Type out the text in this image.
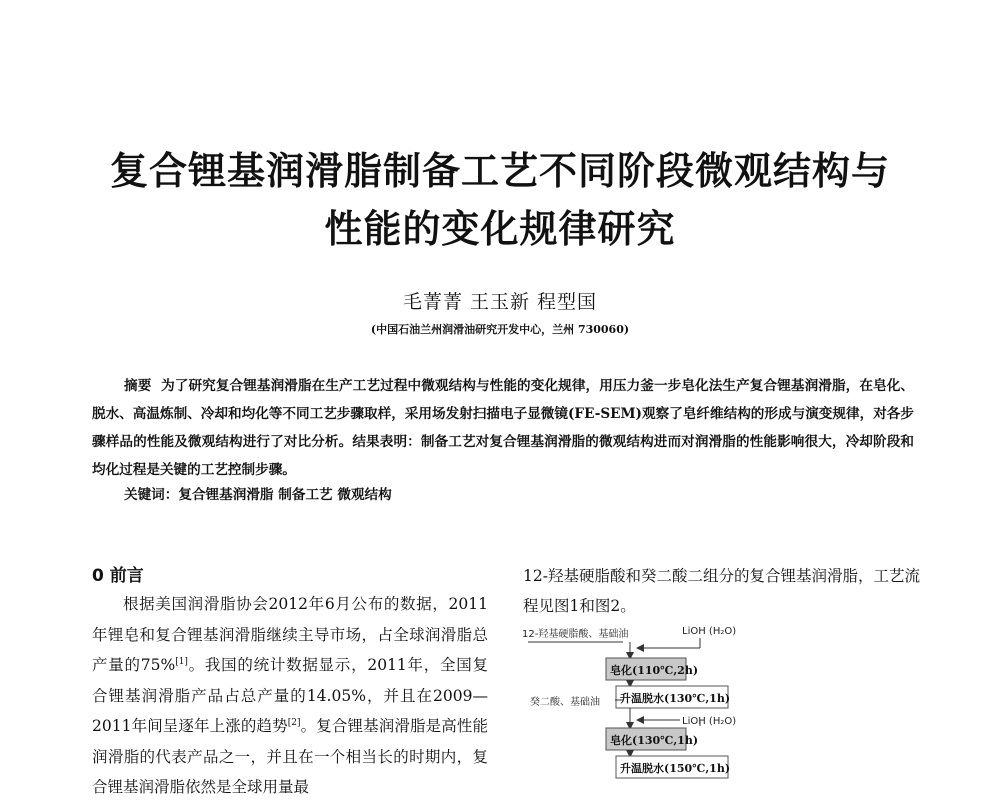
复合锂基润滑脂制备工艺不同阶段微观结构与
性能的变化规律研究
毛菁菁 王玉新 程型国
(中国石油兰州润滑油研究开发中心，兰州 730060)

摘要 为了研究复合锂基润滑脂在生产工艺过程中微观结构与性能的变化规律，用压力釜一步皂化法生产复合锂基润滑脂，在皂化、脱水、高温炼制、冷却和均化等不同工艺步骤取样，采用场发射扫描电子显微镜(FE-SEM)观察了皂纤维结构的形成与演变规律，对各步骤样品的性能及微观结构进行了对比分析。结果表明：制备工艺对复合锂基润滑脂的微观结构进而对润滑脂的性能影响很大，冷却阶段和均化过程是关键的工艺控制步骤。

关键词：复合锂基润滑脂 制备工艺 微观结构

0 前言

根据美国润滑脂协会2012年6月公布的数据，2011年锂皂和复合锂基润滑脂继续主导市场，占全球润滑脂总产量的75%[1]。我国的统计数据显示，2011年，全国复合锂基润滑脂产品占总产量的14.05%，并且在2009—2011年间呈逐年上涨的趋势[2]。复合锂基润滑脂是高性能润滑脂的代表产品之一，并且在一个相当长的时期内，复合锂基润滑脂依然是全球用量最

12-羟基硬脂酸和癸二酸二组分的复合锂基润滑脂，工艺流程见图1和图2。

12-羟基硬脂酸、基础油	LiOH (H₂O)
皂化(110℃,2h)
升温脱水(130℃,1h)
癸二酸、基础油
LiOH (H₂O)
皂化(130℃,1h)
升温脱水(150℃,1h)
